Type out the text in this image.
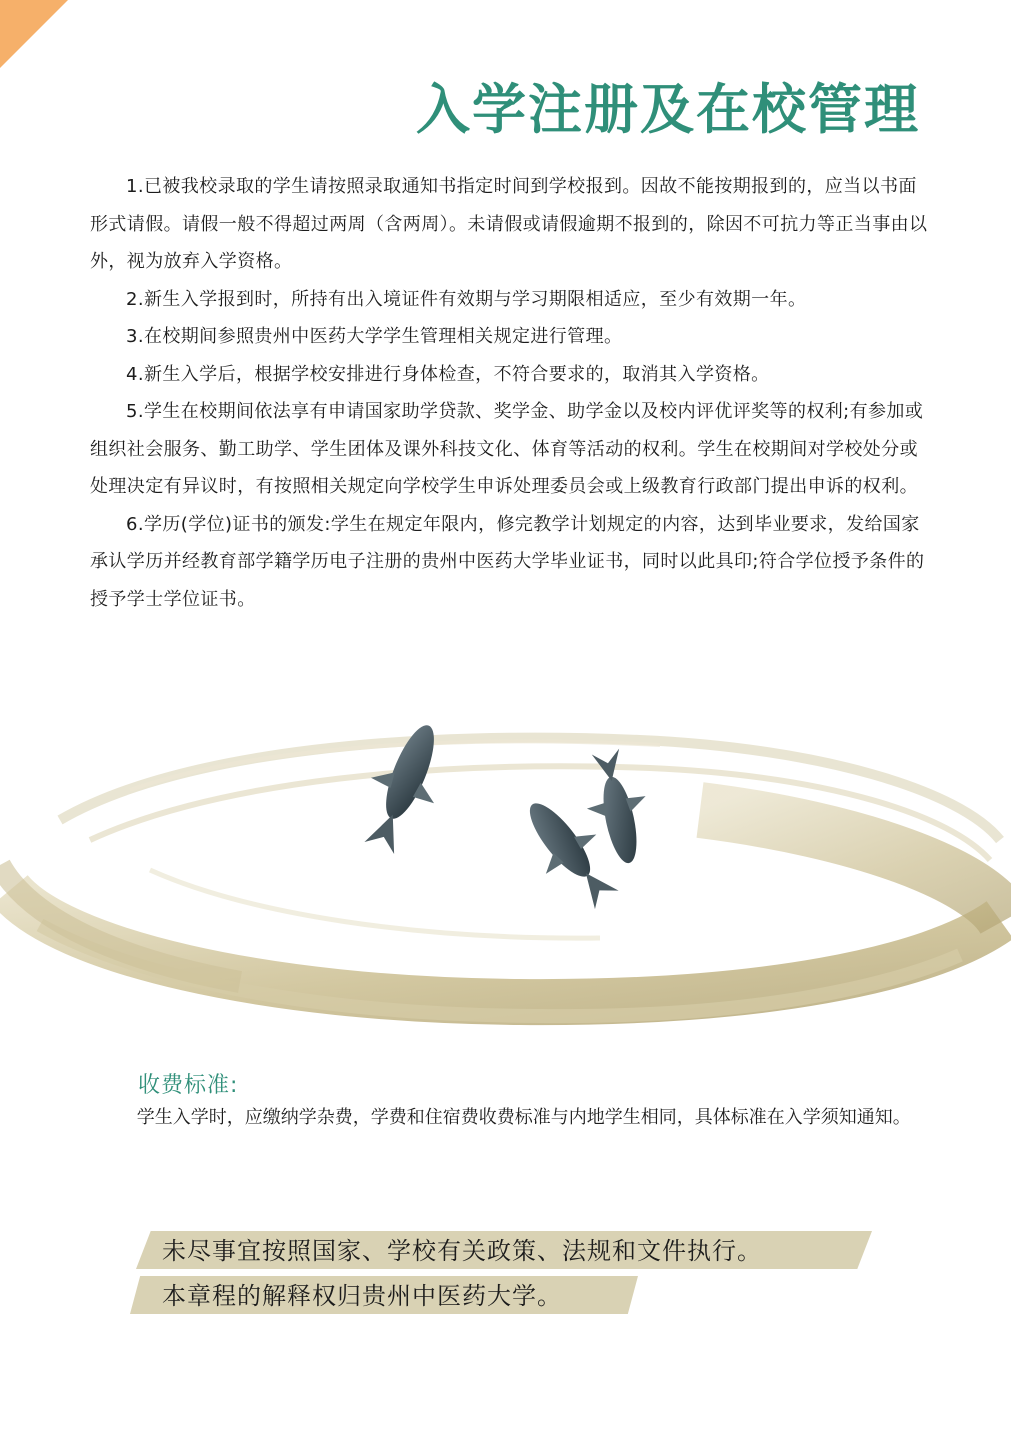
入学注册及在校管理

1.已被我校录取的学生请按照录取通知书指定时间到学校报到。因故不能按期报到的，应当以书面形式请假。请假一般不得超过两周（含两周）。未请假或请假逾期不报到的，除因不可抗力等正当事由以外，视为放弃入学资格。

2.新生入学报到时，所持有出入境证件有效期与学习期限相适应，至少有效期一年。

3.在校期间参照贵州中医药大学学生管理相关规定进行管理。

4.新生入学后，根据学校安排进行身体检查，不符合要求的，取消其入学资格。

5.学生在校期间依法享有申请国家助学贷款、奖学金、助学金以及校内评优评奖等的权利;有参加或组织社会服务、勤工助学、学生团体及课外科技文化、体育等活动的权利。学生在校期间对学校处分或处理决定有异议时，有按照相关规定向学校学生申诉处理委员会或上级教育行政部门提出申诉的权利。

6.学历(学位)证书的颁发:学生在规定年限内，修完教学计划规定的内容，达到毕业要求，发给国家承认学历并经教育部学籍学历电子注册的贵州中医药大学毕业证书，同时以此具印;符合学位授予条件的授予学士学位证书。

收费标准:

学生入学时，应缴纳学杂费，学费和住宿费收费标准与内地学生相同，具体标准在入学须知通知。

未尽事宜按照国家、学校有关政策、法规和文件执行。

本章程的解释权归贵州中医药大学。
